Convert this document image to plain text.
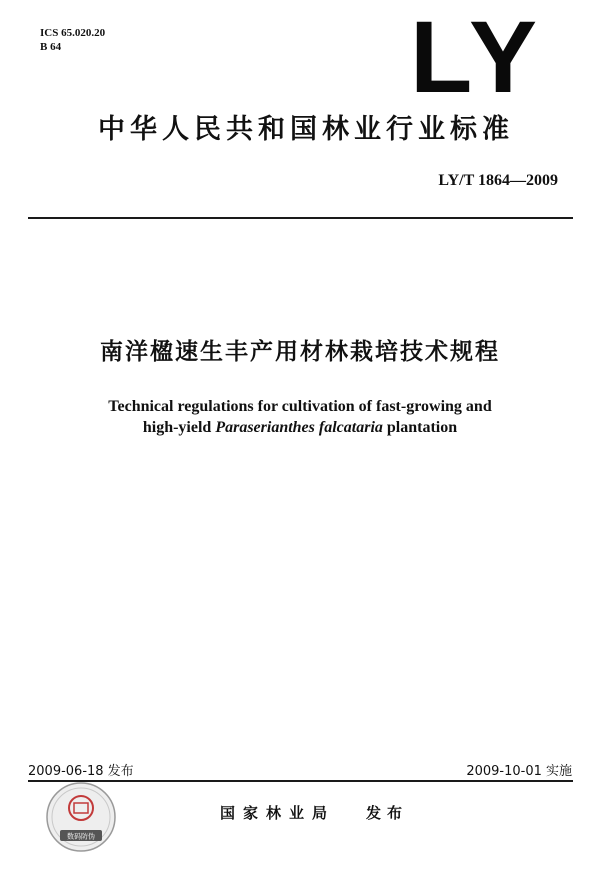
ICS 65.020.20
B 64	LY
中华人民共和国林业行业标准
LY/T 1864—2009
南洋楹速生丰产用材林栽培技术规程
Technical regulations for cultivation of fast-growing and
high-yield Paraserianthes falcataria plantation
2009-06-18 发布	2009-10-01 实施
数码防伪
国家林业局 发布
